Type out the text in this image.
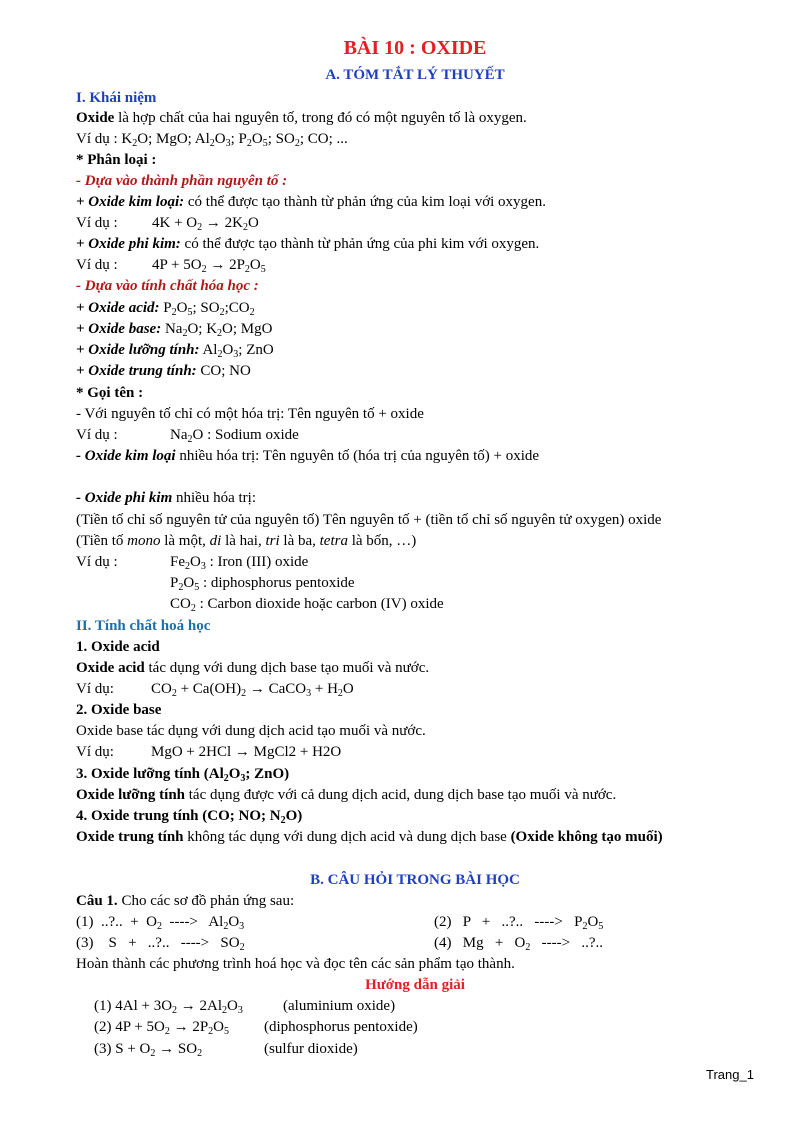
BÀI 10 : OXIDE
A. TÓM TẮT LÝ THUYẾT
I. Khái niệm
Oxide là hợp chất của hai nguyên tố, trong đó có một nguyên tố là oxygen.
Ví dụ : $K_2O$; MgO; $Al_2O_3$; $P_2O_5$; $SO_2$; CO; ...
* Phân loại :
- Dựa vào thành phần nguyên tố :
+ Oxide kim loại: có thể được tạo thành từ phản ứng của kim loại với oxygen.
Ví dụ : $4K + O_2 \to 2K_2O$
+ Oxide phi kim: có thể được tạo thành từ phản ứng của phi kim với oxygen.
Ví dụ : $4P + 5O_2 \to 2P_2O_5$
- Dựa vào tính chất hóa học :
+ Oxide acid: $P_2O_5$; $SO_2;CO_2$
+ Oxide base: $Na_2O$; $K_2O$; MgO
+ Oxide lưỡng tính: $Al_2O_3$; ZnO
+ Oxide trung tính: CO; NO
* Gọi tên :
- Với nguyên tố chỉ có một hóa trị: Tên nguyên tố + oxide
Ví dụ :	$Na_2O$ : Sodium oxide
- Oxide kim loại nhiều hóa trị: Tên nguyên tố (hóa trị của nguyên tố) + oxide
- Oxide phi kim nhiều hóa trị:
(Tiền tố chỉ số nguyên tử của nguyên tố) Tên nguyên tố + (tiền tố chỉ số nguyên tử oxygen) oxide
(Tiền tố mono là một, di là hai, tri là ba, tetra là bốn, …)
Ví dụ :	$Fe_2O_3$ : Iron (III) oxide
$P_2O_5$ : diphosphorus pentoxide
$CO_2$ : Carbon dioxide hoặc carbon (IV) oxide
II. Tính chất hoá học
1. Oxide acid
Oxide acid tác dụng với dung dịch base tạo muối và nước.
Ví dụ: $CO_2 + Ca(OH)_2$ → CaCO$_3$ + $H_2O$
2. Oxide base
Oxide base tác dụng với dung dịch acid tạo muối và nước.
Ví dụ: MgO + 2HCl → MgCl2 + H2O
3. Oxide lưỡng tính ($Al_2O_3$; ZnO)
Oxide lưỡng tính tác dụng được với cả dung dịch acid, dung dịch base tạo muối và nước.
4. Oxide trung tính (CO; NO; $N_2O$)
Oxide trung tính không tác dụng với dung dịch acid và dung dịch base (Oxide không tạo muối)
B. CÂU HỎI TRONG BÀI HỌC
Câu 1. Cho các sơ đồ phản ứng sau:
(1)  ..?..  +  $O_2$  ---->   $Al_2O_3$	(2)   P   +   ..?..   ---->   $P_2O_5$
(3)    S   +   ..?..   ---->   $SO_2$	(4)   $Mg + O_2$   ---->   ..?..
Hoàn thành các phương trình hoá học và đọc tên các sản phẩm tạo thành.
Hướng dẫn giải
(1) $4Al + 3O_2 \to 2Al_2O_3$	(aluminium oxide)
(2) $4P + 5O_2 \to 2P_2O_5$ (diphosphorus pentoxide)
(3) $S + O_2 \to SO_2$	(sulfur dioxide)
Trang_1
